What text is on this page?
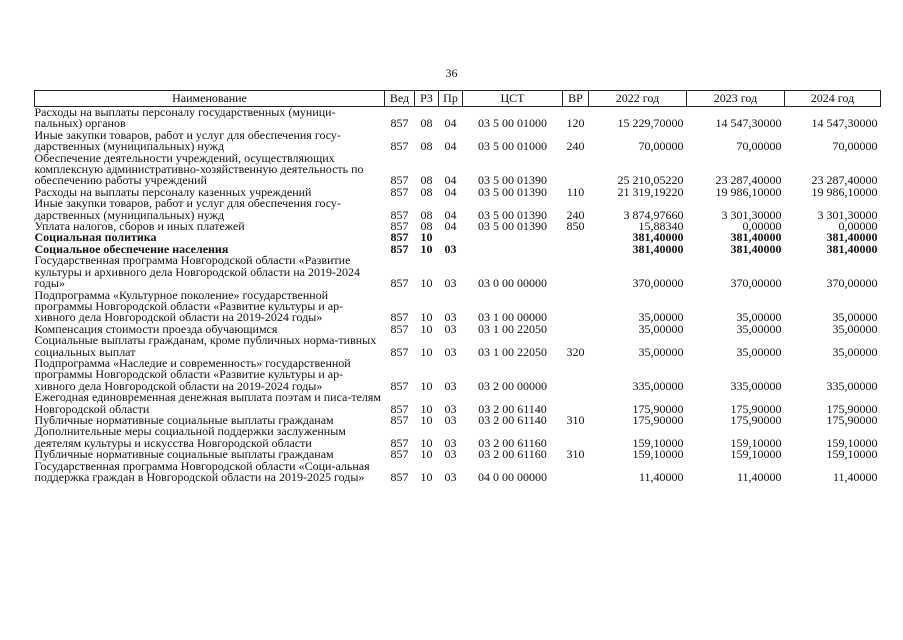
36
Наименование	Вед	РЗ	Пр	ЦСТ	ВР	2022 год	2023 год	2024 год
Расходы на выплаты персоналу государственных (муници-пальных) органов	857	08	04	03 5 00 01000	120	15 229,70000	14 547,30000	14 547,30000
Иные закупки товаров, работ и услуг для обеспечения госу-дарственных (муниципальных) нужд	857	08	04	03 5 00 01000	240	70,00000	70,00000	70,00000
Обеспечение деятельности учреждений, осуществляющих комплексную административно-хозяйственную деятельность по обеспечению работы учреждений	857	08	04	03 5 00 01390		25 210,05220	23 287,40000	23 287,40000
Расходы на выплаты персоналу казенных учреждений	857	08	04	03 5 00 01390	110	21 319,19220	19 986,10000	19 986,10000
Иные закупки товаров, работ и услуг для обеспечения госу-дарственных (муниципальных) нужд	857	08	04	03 5 00 01390	240	3 874,97660	3 301,30000	3 301,30000
Уплата налогов, сборов и иных платежей	857	08	04	03 5 00 01390	850	15,88340	0,00000	0,00000
Социальная политика	857	10				381,40000	381,40000	381,40000
Социальное обеспечение населения	857	10	03			381,40000	381,40000	381,40000
Государственная программа Новгородской области «Развитие культуры и архивного дела Новгородской области на 2019-2024 годы»	857	10	03	03 0 00 00000		370,00000	370,00000	370,00000
Подпрограмма «Культурное поколение» государственной программы Новгородской области «Развитие культуры и ар-хивного дела Новгородской области на 2019-2024 годы»	857	10	03	03 1 00 00000		35,00000	35,00000	35,00000
Компенсация стоимости проезда обучающимся	857	10	03	03 1 00 22050		35,00000	35,00000	35,00000
Социальные выплаты гражданам, кроме публичных норма-тивных социальных выплат	857	10	03	03 1 00 22050	320	35,00000	35,00000	35,00000
Подпрограмма «Наследие и современность» государственной программы Новгородской области «Развитие культуры и ар-хивного дела Новгородской области на 2019-2024 годы»	857	10	03	03 2 00 00000		335,00000	335,00000	335,00000
Ежегодная единовременная денежная выплата поэтам и писа-телям Новгородской области	857	10	03	03 2 00 61140		175,90000	175,90000	175,90000
Публичные нормативные социальные выплаты гражданам	857	10	03	03 2 00 61140	310	175,90000	175,90000	175,90000
Дополнительные меры социальной поддержки заслуженным деятелям культуры и искусства Новгородской области	857	10	03	03 2 00 61160		159,10000	159,10000	159,10000
Публичные нормативные социальные выплаты гражданам	857	10	03	03 2 00 61160	310	159,10000	159,10000	159,10000
Государственная программа Новгородской области «Соци-альная поддержка граждан в Новгородской области на 2019-2025 годы»	857	10	03	04 0 00 00000		11,40000	11,40000	11,40000
